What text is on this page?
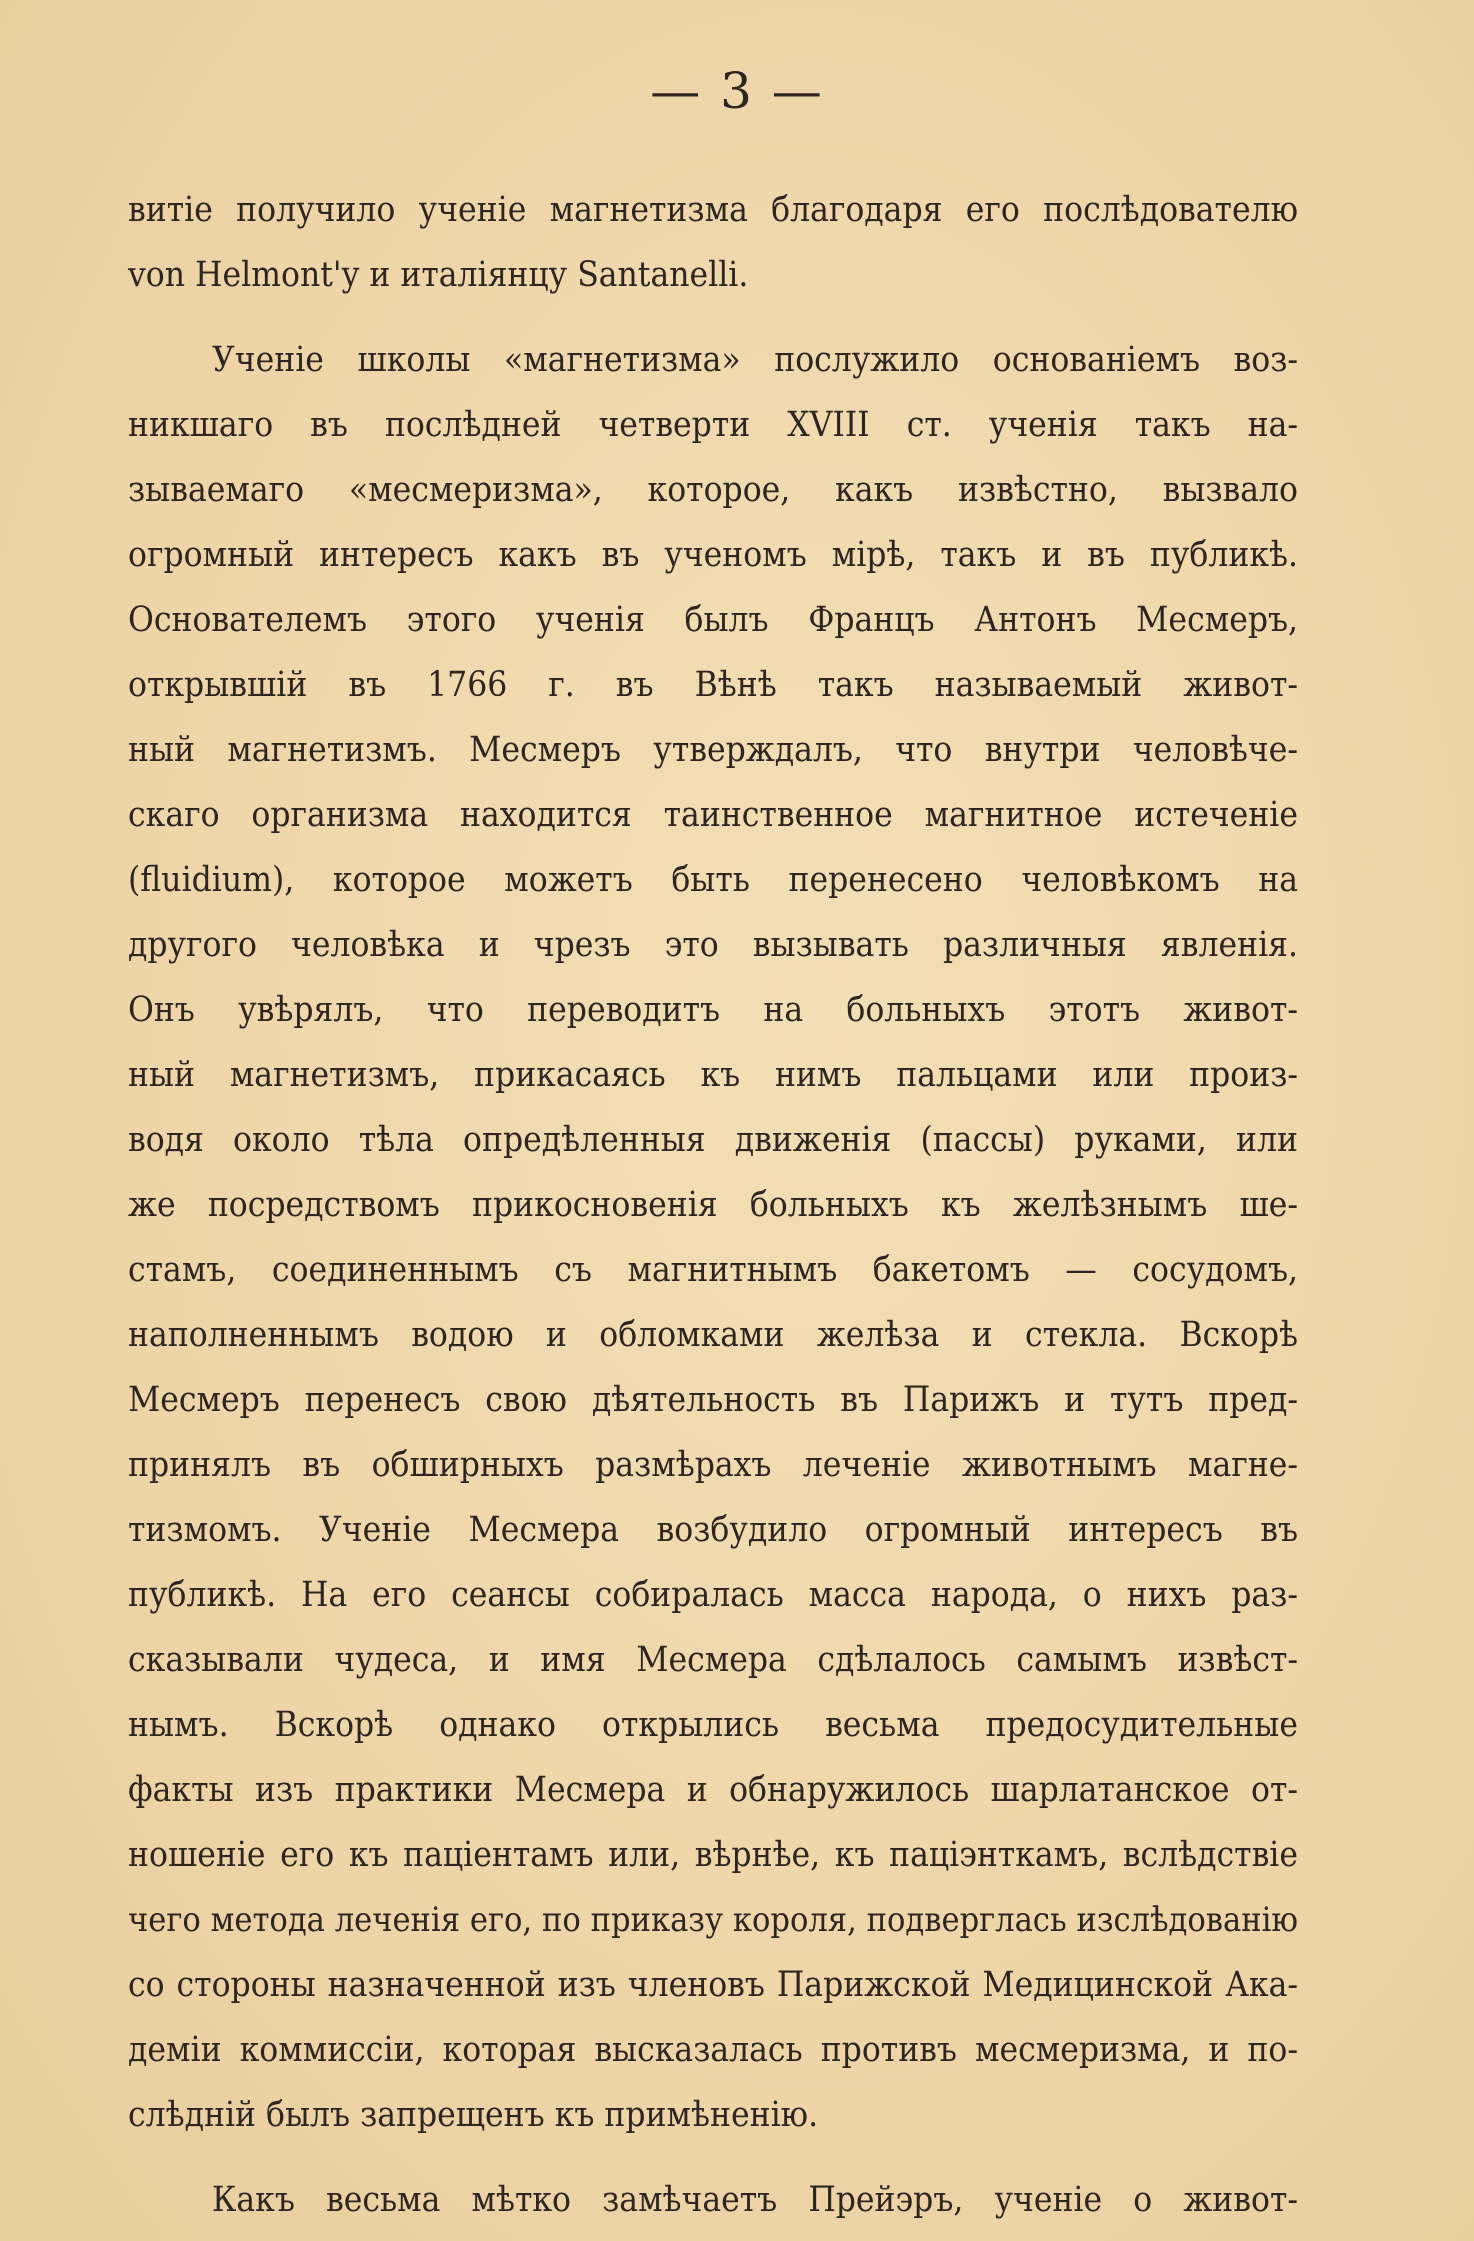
— 3 —
витіе получило ученіе магнетизма благодаря его послѣдователю
von Helmont'y и италіянцу Santanelli.
Ученіе школы «магнетизма» послужило основаніемъ воз-
никшаго въ послѣдней четверти XVIII ст. ученія такъ на-
зываемаго «месмеризма», которое, какъ извѣстно, вызвало
огромный интересъ какъ въ ученомъ мірѣ, такъ и въ публикѣ.
Основателемъ этого ученія былъ Францъ Антонъ Месмеръ,
открывшій въ 1766 г. въ Вѣнѣ такъ называемый живот-
ный магнетизмъ. Месмеръ утверждалъ, что внутри человѣче-
скаго организма находится таинственное магнитное истеченіе
(fluidium), которое можетъ быть перенесено человѣкомъ на
другого человѣка и чрезъ это вызывать различныя явленія.
Онъ увѣрялъ, что переводитъ на больныхъ этотъ живот-
ный магнетизмъ, прикасаясь къ нимъ пальцами или произ-
водя около тѣла опредѣленныя движенія (пассы) руками, или
же посредствомъ прикосновенія больныхъ къ желѣзнымъ ше-
стамъ, соединеннымъ съ магнитнымъ бакетомъ — сосудомъ,
наполненнымъ водою и обломками желѣза и стекла. Вскорѣ
Месмеръ перенесъ свою дѣятельность въ Парижъ и тутъ пред-
принялъ въ обширныхъ размѣрахъ леченіе животнымъ магне-
тизмомъ. Ученіе Месмера возбудило огромный интересъ въ
публикѣ. На его сеансы собиралась масса народа, о нихъ раз-
сказывали чудеса, и имя Месмера сдѣлалось самымъ извѣст-
нымъ. Вскорѣ однако открылись весьма предосудительные
факты изъ практики Месмера и обнаружилось шарлатанское от-
ношеніе его къ паціентамъ или, вѣрнѣе, къ паціэнткамъ, вслѣдствіе
чего метода леченія его, по приказу короля, подверглась изслѣдованію
со стороны назначенной изъ членовъ Парижской Медицинской Ака-
деміи коммиссіи, которая высказалась противъ месмеризма, и по-
слѣдній былъ запрещенъ къ примѣненію.
Какъ весьма мѣтко замѣчаетъ Прейэръ, ученіе о живот-
